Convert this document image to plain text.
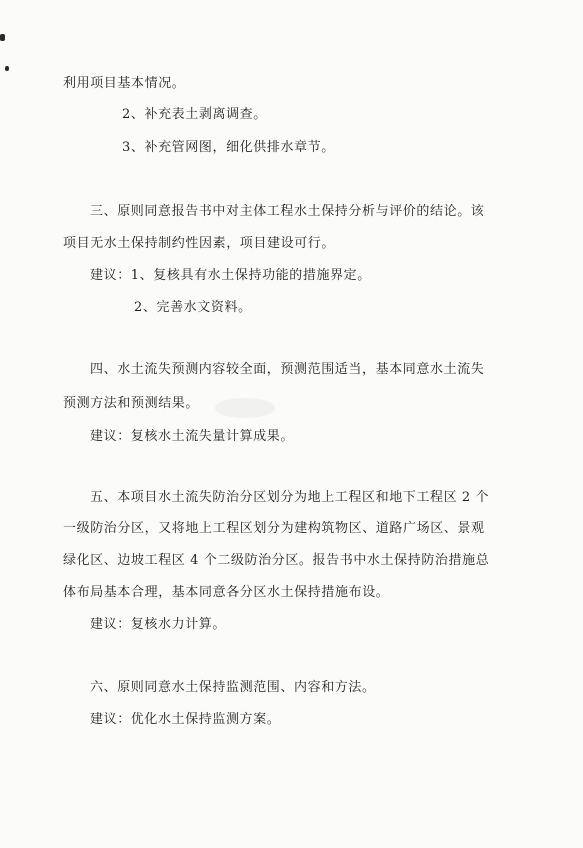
利用项目基本情况。
2、补充表土剥离调查。
3、补充管网图，细化供排水章节。
三、原则同意报告书中对主体工程水土保持分析与评价的结论。该
项目无水土保持制约性因素，项目建设可行。
建议：1、复核具有水土保持功能的措施界定。
2、完善水文资料。
四、水土流失预测内容较全面，预测范围适当，基本同意水土流失
预测方法和预测结果。
建议：复核水土流失量计算成果。
五、本项目水土流失防治分区划分为地上工程区和地下工程区 2 个
一级防治分区，又将地上工程区划分为建构筑物区、道路广场区、景观
绿化区、边坡工程区 4 个二级防治分区。报告书中水土保持防治措施总
体布局基本合理，基本同意各分区水土保持措施布设。
建议：复核水力计算。
六、原则同意水土保持监测范围、内容和方法。
建议：优化水土保持监测方案。
